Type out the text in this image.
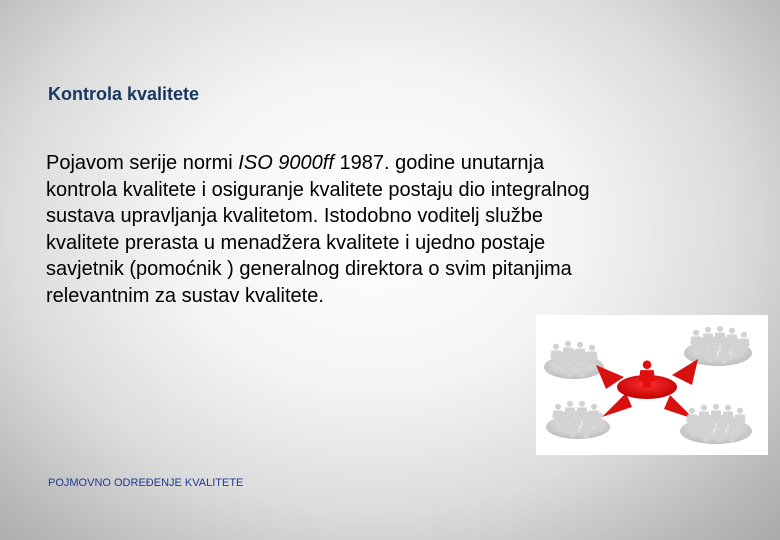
Kontrola kvalitete
Pojavom serije normi ISO 9000ff 1987. godine unutarnja
kontrola kvalitete i osiguranje kvalitete postaju dio integralnog
sustava upravljanja kvalitetom. Istodobno voditelj službe
kvalitete prerasta u menadžera kvalitete i ujedno postaje
savjetnik (pomoćnik ) generalnog direktora o svim pitanjima
relevantnim za sustav kvalitete.
POJMOVNO ODREĐENJE KVALITETE
